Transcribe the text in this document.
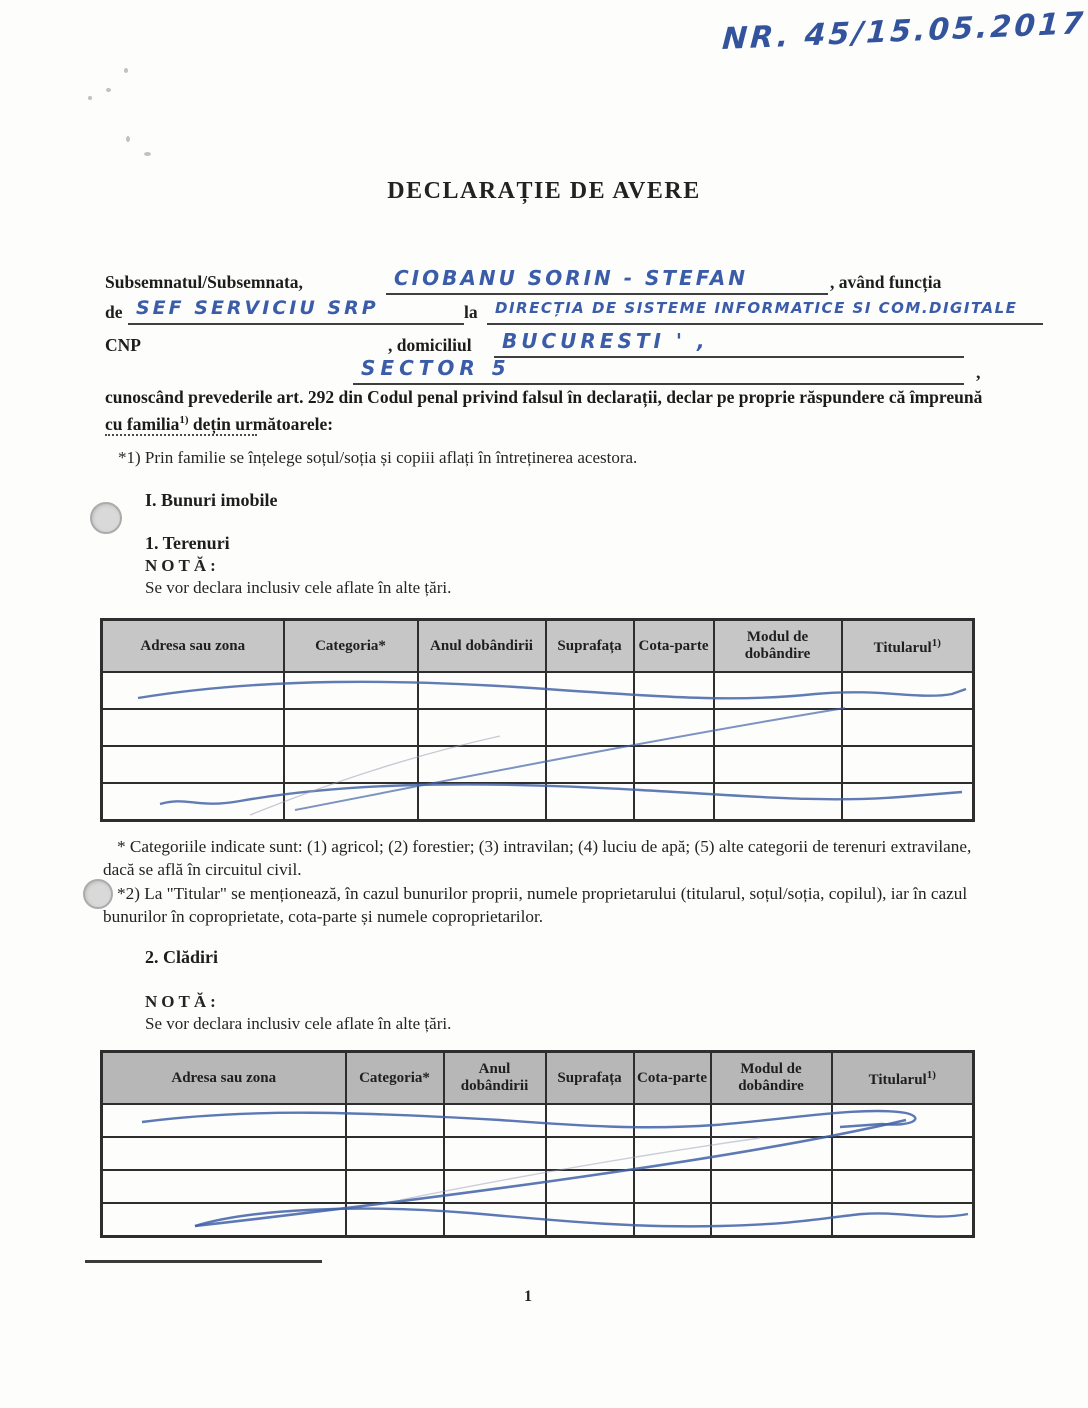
NR. 45/15.05.2017
DECLARAȚIE DE AVERE
Subsemnatul/Subsemnata,	CIOBANU SORIN - STEFAN	, având funcția
de SEF SERVICIU SRP	la	DIRECȚIA DE SISTEME INFORMATICE SI COM.DIGITALE
CNP	, domiciliul	BUCURESTI ' ,
SECTOR 5	,
cunoscând prevederile art. 292 din Codul penal privind falsul în declarații, declar pe proprie răspundere că împreună cu familia$^{1)}$ dețin următoarele:
*1) Prin familie se înțelege soțul/soția și copiii aflați în întreținerea acestora.
I. Bunuri imobile
1. Terenuri
NOTĂ:
Se vor declara inclusiv cele aflate în alte țări.
Adresa sau zona	Categoria*	Anul dobândirii	Suprafața	Cota-parte	Modul de dobândire	Titularul$^{1)}$

* Categoriile indicate sunt: (1) agricol; (2) forestier; (3) intravilan; (4) luciu de apă; (5) alte categorii de terenuri extravilane, dacă se află în circuitul civil.
*2) La "Titular" se menționează, în cazul bunurilor proprii, numele proprietarului (titularul, soțul/soția, copilul), iar în cazul bunurilor în coproprietate, cota-parte și numele coproprietarilor.
2. Clădiri
NOTĂ:
Se vor declara inclusiv cele aflate în alte țări.
Adresa sau zona	Categoria*	Anul dobândirii	Suprafața	Cota-parte	Modul de dobândire	Titularul$^{1)}$

1
